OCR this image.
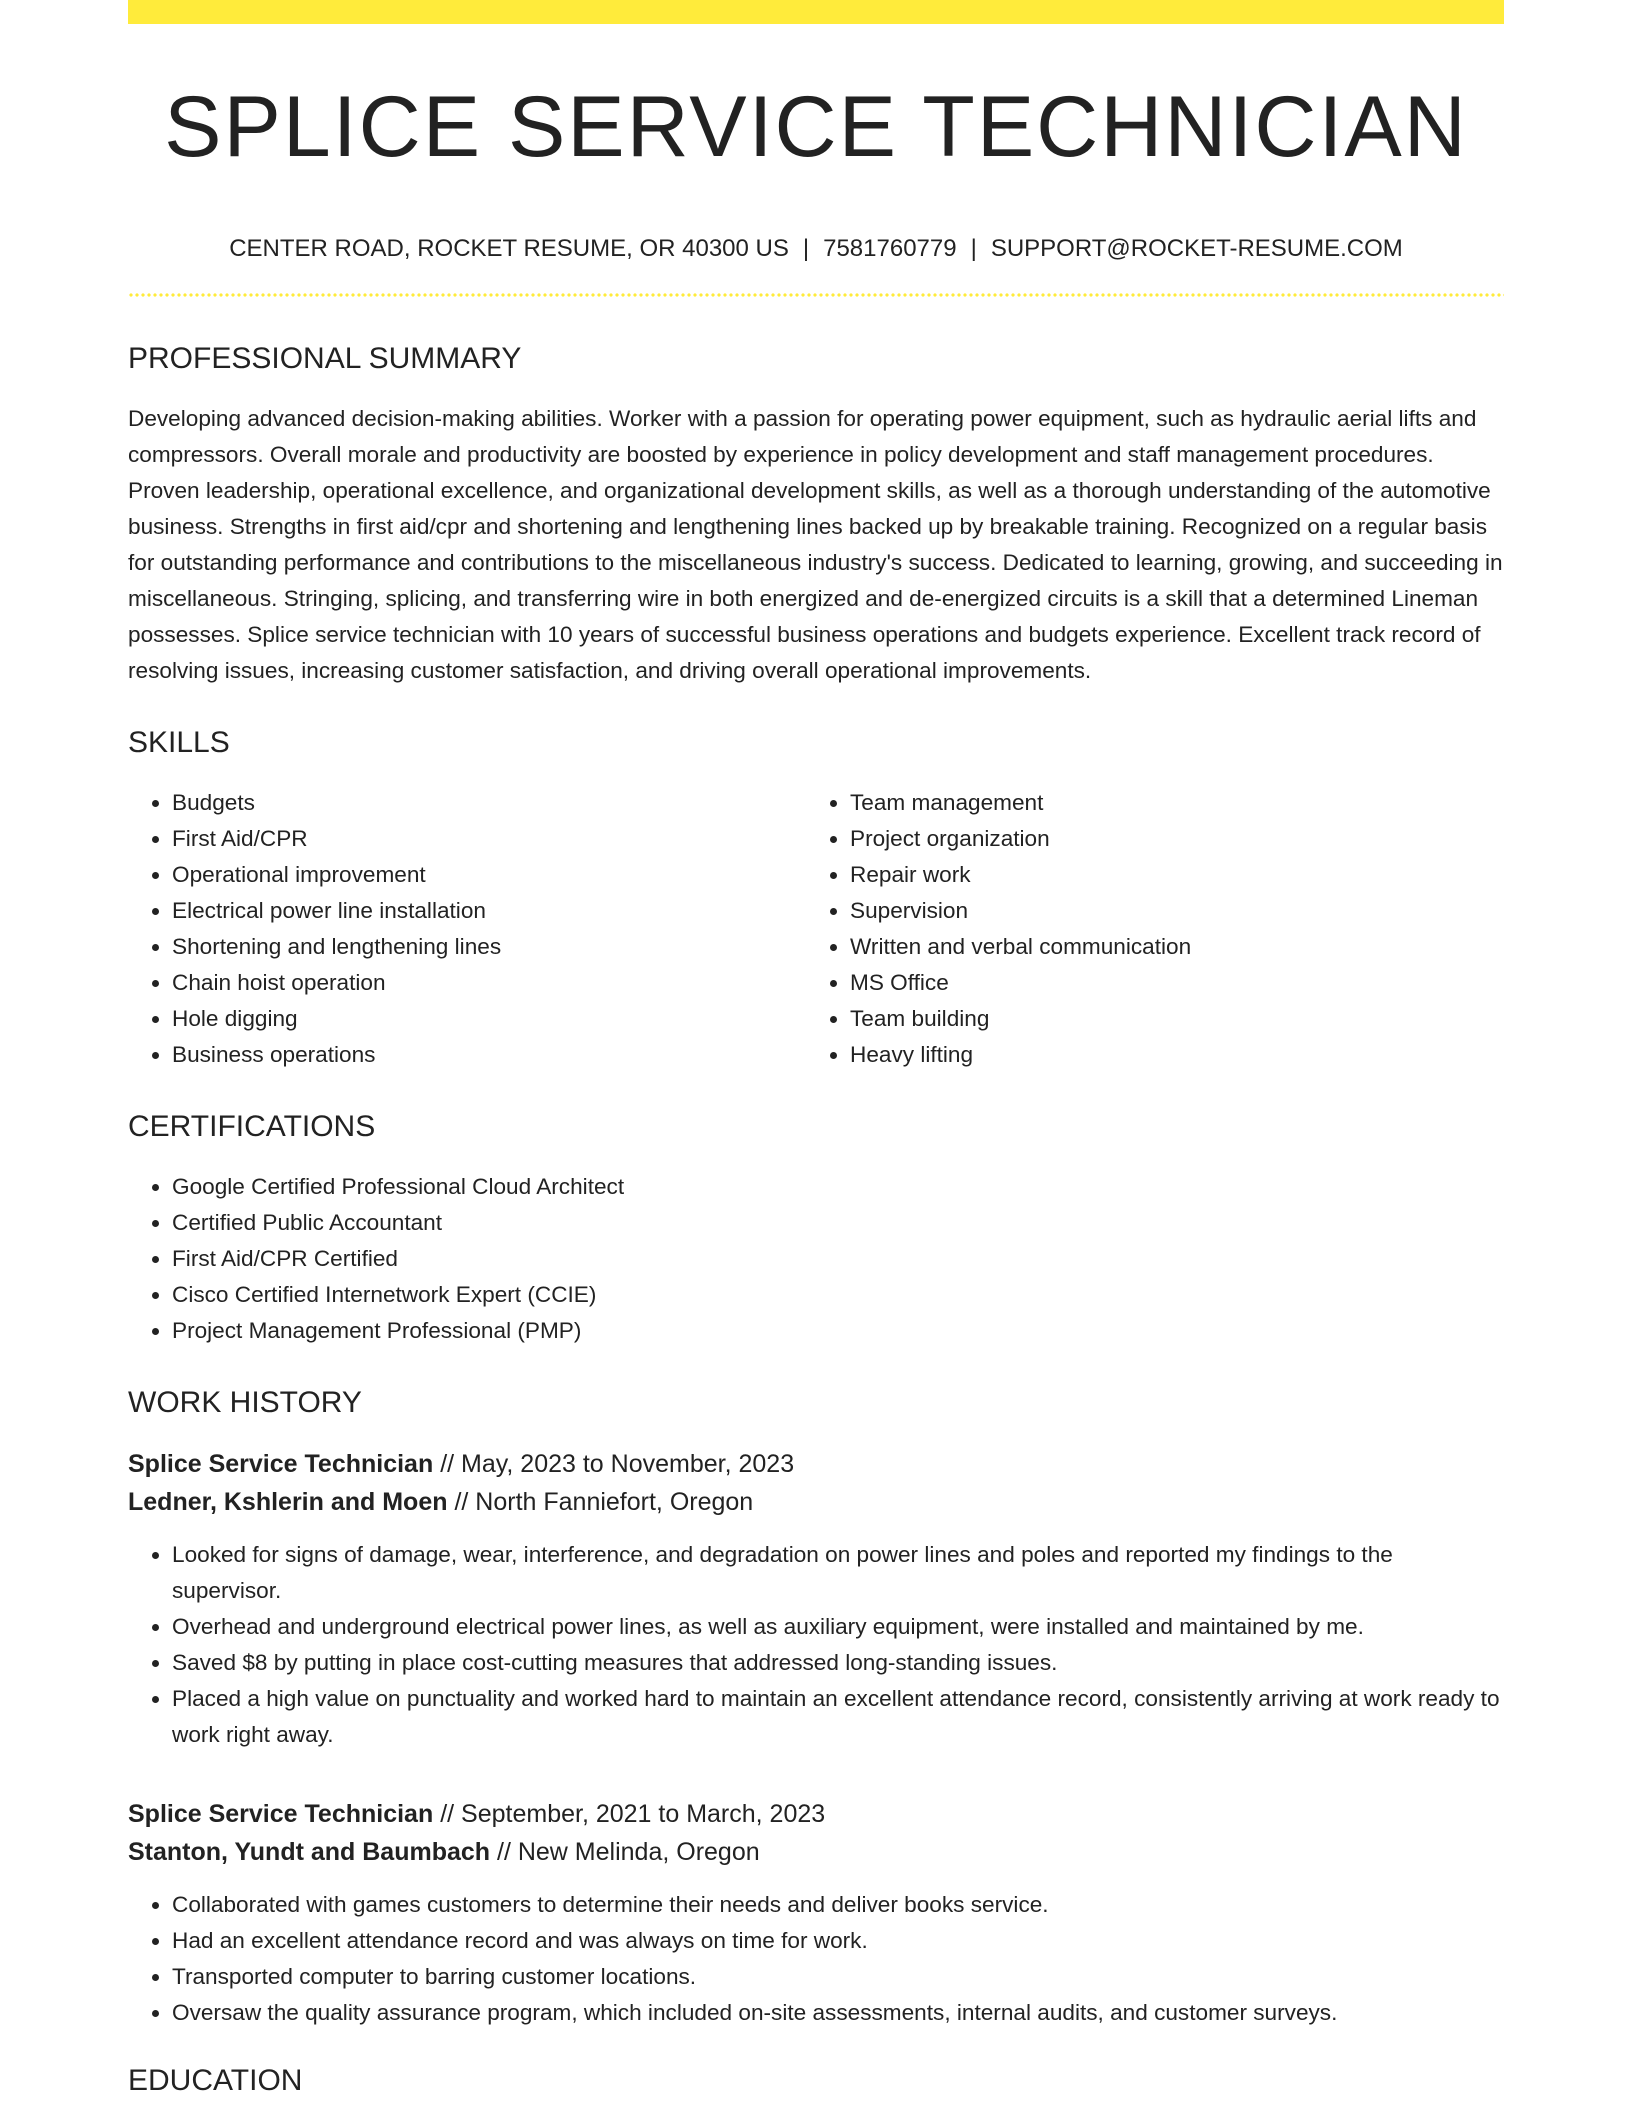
SPLICE SERVICE TECHNICIAN
CENTER ROAD, ROCKET RESUME, OR 40300 US | 7581760779 | SUPPORT@ROCKET-RESUME.COM
PROFESSIONAL SUMMARY

Developing advanced decision-making abilities. Worker with a passion for operating power equipment, such as hydraulic aerial lifts and compressors. Overall morale and productivity are boosted by experience in policy development and staff management procedures. Proven leadership, operational excellence, and organizational development skills, as well as a thorough understanding of the automotive business. Strengths in first aid/cpr and shortening and lengthening lines backed up by breakable training. Recognized on a regular basis for outstanding performance and contributions to the miscellaneous industry's success. Dedicated to learning, growing, and succeeding in miscellaneous. Stringing, splicing, and transferring wire in both energized and de-energized circuits is a skill that a determined Lineman possesses. Splice service technician with 10 years of successful business operations and budgets experience. Excellent track record of resolving issues, increasing customer satisfaction, and driving overall operational improvements.

SKILLS
• Budgets
• First Aid/CPR
• Operational improvement
• Electrical power line installation
• Shortening and lengthening lines
• Chain hoist operation
• Hole digging
• Business operations
• Team management
• Project organization
• Repair work
• Supervision
• Written and verbal communication
• MS Office
• Team building
• Heavy lifting
CERTIFICATIONS
• Google Certified Professional Cloud Architect
• Certified Public Accountant
• First Aid/CPR Certified
• Cisco Certified Internetwork Expert (CCIE)
• Project Management Professional (PMP)
WORK HISTORY
Splice Service Technician // May, 2023 to November, 2023
Ledner, Kshlerin and Moen // North Fanniefort, Oregon
• Looked for signs of damage, wear, interference, and degradation on power lines and poles and reported my findings to the supervisor.
• Overhead and underground electrical power lines, as well as auxiliary equipment, were installed and maintained by me.
• Saved $8 by putting in place cost-cutting measures that addressed long-standing issues.
• Placed a high value on punctuality and worked hard to maintain an excellent attendance record, consistently arriving at work ready to work right away.
Splice Service Technician // September, 2021 to March, 2023
Stanton, Yundt and Baumbach // New Melinda, Oregon
• Collaborated with games customers to determine their needs and deliver books service.
• Had an excellent attendance record and was always on time for work.
• Transported computer to barring customer locations.
• Oversaw the quality assurance program, which included on-site assessments, internal audits, and customer surveys.
EDUCATION
